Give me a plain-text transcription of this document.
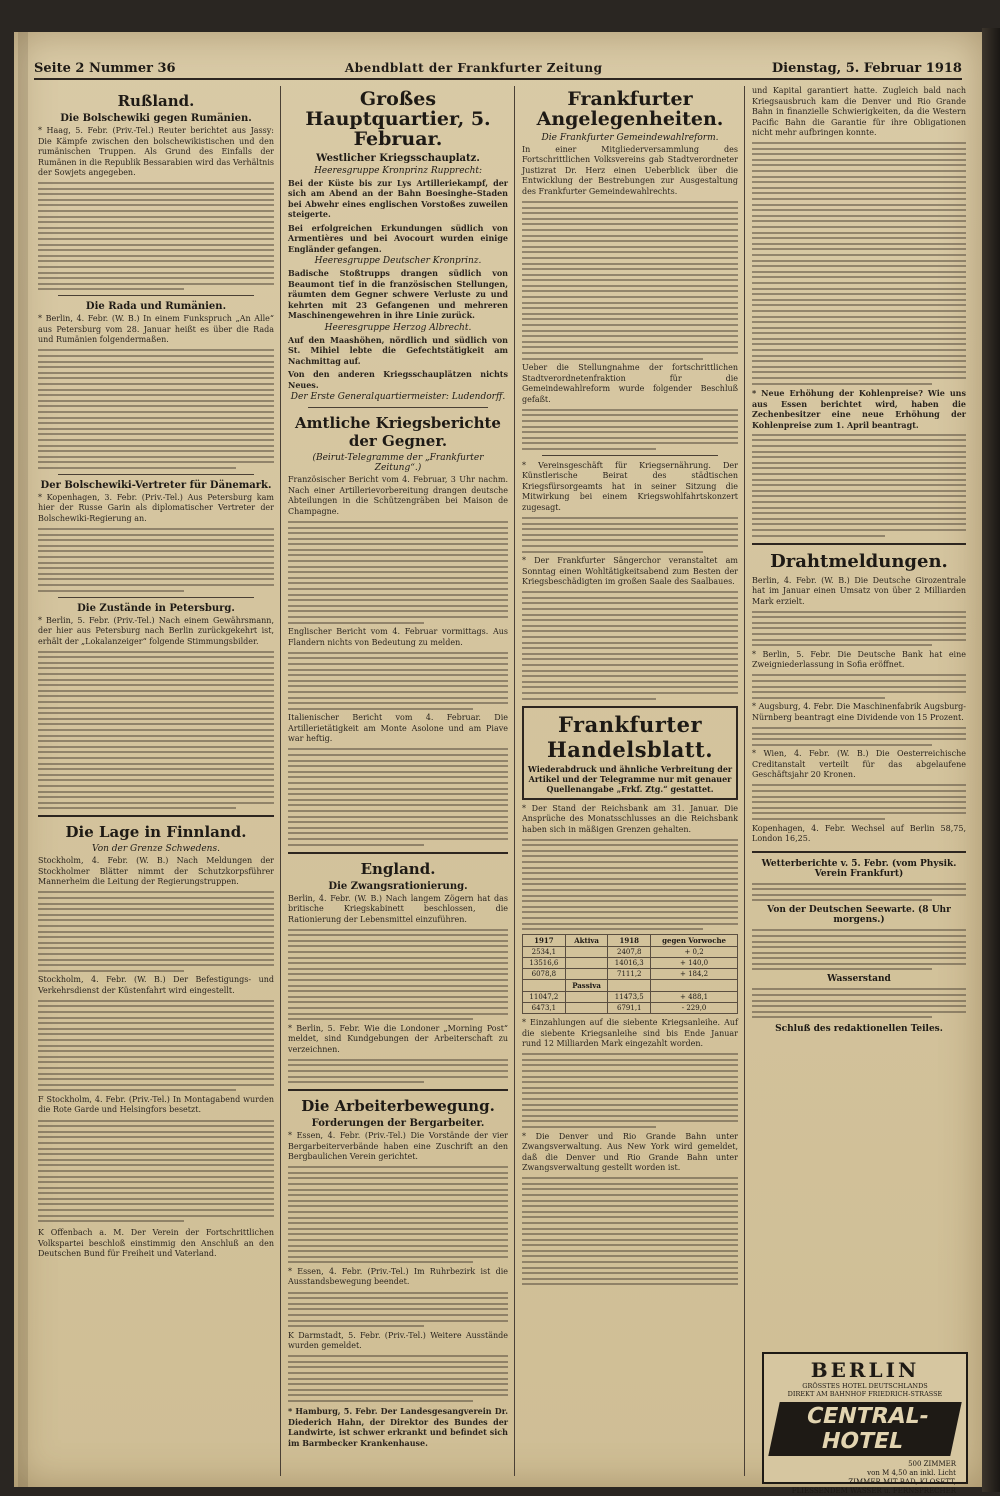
Seite 2 Nummer 36	Abendblatt der Frankfurter Zeitung	Dienstag, 5. Februar 1918
Rußland.
Die Bolschewiki gegen Rumänien.

* Haag, 5. Febr. (Priv.-Tel.) Reuter berichtet aus Jassy: Die Kämpfe zwischen den bolschewikistischen und den rumänischen Truppen. Als Grund des Einfalls der Rumänen in die Republik Bessarabien wird das Verhältnis der Sowjets angegeben.

Die Rada und Rumänien.

* Berlin, 4. Febr. (W. B.) In einem Funkspruch „An Alle“ aus Petersburg vom 28. Januar heißt es über die Rada und Rumänien folgendermaßen.

Der Bolschewiki-Vertreter für Dänemark.

* Kopenhagen, 3. Febr. (Priv.-Tel.) Aus Petersburg kam hier der Russe Garin als diplomatischer Vertreter der Bolschewiki-Regierung an.

Die Zustände in Petersburg.

* Berlin, 5. Febr. (Priv.-Tel.) Nach einem Gewährsmann, der hier aus Petersburg nach Berlin zurückgekehrt ist, erhält der „Lokalanzeiger“ folgende Stimmungsbilder.

Die Lage in Finnland.
Von der Grenze Schwedens.

Stockholm, 4. Febr. (W. B.) Nach Meldungen der Stockholmer Blätter nimmt der Schutzkorpsführer Mannerheim die Leitung der Regierungstruppen.

Stockholm, 4. Febr. (W. B.) Der Befestigungs- und Verkehrsdienst der Küstenfahrt wird eingestellt.

F Stockholm, 4. Febr. (Priv.-Tel.) In Montagabend wurden die Rote Garde und Helsingfors besetzt.

K Offenbach a. M. Der Verein der Fortschrittlichen Volkspartei beschloß einstimmig den Anschluß an den Deutschen Bund für Freiheit und Vaterland.

Großes Hauptquartier, 5. Februar.
Westlicher Kriegsschauplatz.
Heeresgruppe Kronprinz Rupprecht:

Bei der Küste bis zur Lys Artilleriekampf, der sich am Abend an der Bahn Boesinghe–Staden bei Abwehr eines englischen Vorstoßes zuweilen steigerte.

Bei erfolgreichen Erkundungen südlich von Armentières und bei Avocourt wurden einige Engländer gefangen.

Heeresgruppe Deutscher Kronprinz.

Badische Stoßtrupps drangen südlich von Beaumont tief in die französischen Stellungen, räumten dem Gegner schwere Verluste zu und kehrten mit 23 Gefangenen und mehreren Maschinengewehren in ihre Linie zurück.

Heeresgruppe Herzog Albrecht.

Auf den Maashöhen, nördlich und südlich von St. Mihiel lebte die Gefechtstätigkeit am Nachmittag auf.

Von den anderen Kriegsschauplätzen nichts Neues.

Der Erste Generalquartiermeister: Ludendorff.
Amtliche Kriegsberichte der Gegner.
(Beirut-Telegramme der „Frankfurter Zeitung“.)

Französischer Bericht vom 4. Februar, 3 Uhr nachm. Nach einer Artillerievorbereitung drangen deutsche Abteilungen in die Schützengräben bei Maison de Champagne.

Englischer Bericht vom 4. Februar vormittags. Aus Flandern nichts von Bedeutung zu melden.

Italienischer Bericht vom 4. Februar. Die Artillerietätigkeit am Monte Asolone und am Piave war heftig.

England.
Die Zwangsrationierung.

Berlin, 4. Febr. (W. B.) Nach langem Zögern hat das britische Kriegskabinett beschlossen, die Rationierung der Lebensmittel einzuführen.

* Berlin, 5. Febr. Wie die Londoner „Morning Post“ meldet, sind Kundgebungen der Arbeiterschaft zu verzeichnen.

Die Arbeiterbewegung.
Forderungen der Bergarbeiter.

* Essen, 4. Febr. (Priv.-Tel.) Die Vorstände der vier Bergarbeiterverbände haben eine Zuschrift an den Bergbaulichen Verein gerichtet.

* Essen, 4. Febr. (Priv.-Tel.) Im Ruhrbezirk ist die Ausstandsbewegung beendet.

K Darmstadt, 5. Febr. (Priv.-Tel.) Weitere Ausstände wurden gemeldet.

* Hamburg, 5. Febr. Der Landesgesangverein Dr. Diederich Hahn, der Direktor des Bundes der Landwirte, ist schwer erkrankt und befindet sich im Barmbecker Krankenhause.

Frankfurter Angelegenheiten.
Die Frankfurter Gemeindewahlreform.

In einer Mitgliederversammlung des Fortschrittlichen Volksvereins gab Stadtverordneter Justizrat Dr. Herz einen Ueberblick über die Entwicklung der Bestrebungen zur Ausgestaltung des Frankfurter Gemeindewahlrechts.

Ueber die Stellungnahme der fortschrittlichen Stadtverordnetenfraktion für die Gemeindewahlreform wurde folgender Beschluß gefaßt.

* Vereinsgeschäft für Kriegsernährung. Der Künstlerische Beirat des städtischen Kriegsfürsorgeamts hat in seiner Sitzung die Mitwirkung bei einem Kriegswohlfahrtskonzert zugesagt.

* Der Frankfurter Sängerchor veranstaltet am Sonntag einen Wohltätigkeitsabend zum Besten der Kriegsbeschädigten im großen Saale des Saalbaues.

Frankfurter Handelsblatt.
Wiederabdruck und ähnliche Verbreitung der Artikel und der Telegramme nur mit genauer Quellenangabe „Frkf. Ztg.“ gestattet.

* Der Stand der Reichsbank am 31. Januar. Die Ansprüche des Monatsschlusses an die Reichsbank haben sich in mäßigen Grenzen gehalten.

1917	Aktiva	1918	gegen Vorwoche
2534,1		2407,8	+ 0,2
13516,6		14016,3	+ 140,0
6078,8		7111,2	+ 184,2
	Passiva		
11047,2		11473,5	+ 488,1
6473,1		6791,1	- 229,0

* Einzahlungen auf die siebente Kriegsanleihe. Auf die siebente Kriegsanleihe sind bis Ende Januar rund 12 Milliarden Mark eingezahlt worden.

* Die Denver und Rio Grande Bahn unter Zwangsverwaltung. Aus New York wird gemeldet, daß die Denver und Rio Grande Bahn unter Zwangsverwaltung gestellt worden ist.

und Kapital garantiert hatte. Zugleich bald nach Kriegsausbruch kam die Denver und Rio Grande Bahn in finanzielle Schwierigkeiten, da die Western Pacific Bahn die Garantie für ihre Obligationen nicht mehr aufbringen konnte.

* Neue Erhöhung der Kohlenpreise? Wie uns aus Essen berichtet wird, haben die Zechenbesitzer eine neue Erhöhung der Kohlenpreise zum 1. April beantragt.

Drahtmeldungen.

Berlin, 4. Febr. (W. B.) Die Deutsche Girozentrale hat im Januar einen Umsatz von über 2 Milliarden Mark erzielt.

* Berlin, 5. Febr. Die Deutsche Bank hat eine Zweigniederlassung in Sofia eröffnet.

* Augsburg, 4. Febr. Die Maschinenfabrik Augsburg-Nürnberg beantragt eine Dividende von 15 Prozent.

* Wien, 4. Febr. (W. B.) Die Oesterreichische Creditanstalt verteilt für das abgelaufene Geschäftsjahr 20 Kronen.

Kopenhagen, 4. Febr. Wechsel auf Berlin 58,75, London 16,25.

Wetterberichte v. 5. Febr. (vom Physik. Verein Frankfurt)
Von der Deutschen Seewarte. (8 Uhr morgens.)
Wasserstand
Schluß des redaktionellen Teiles.
BERLIN
GRÖSSTES HOTEL DEUTSCHLANDS
DIREKT AM BAHNHOF FRIEDRICH-STRASSE
CENTRAL-HOTEL
500 ZIMMER
von M 4,50 an inkl. Licht
ZIMMER MIT BAD, KLOSETT,
FLIESSENDEM WASSER u. FERNSPRECHER
